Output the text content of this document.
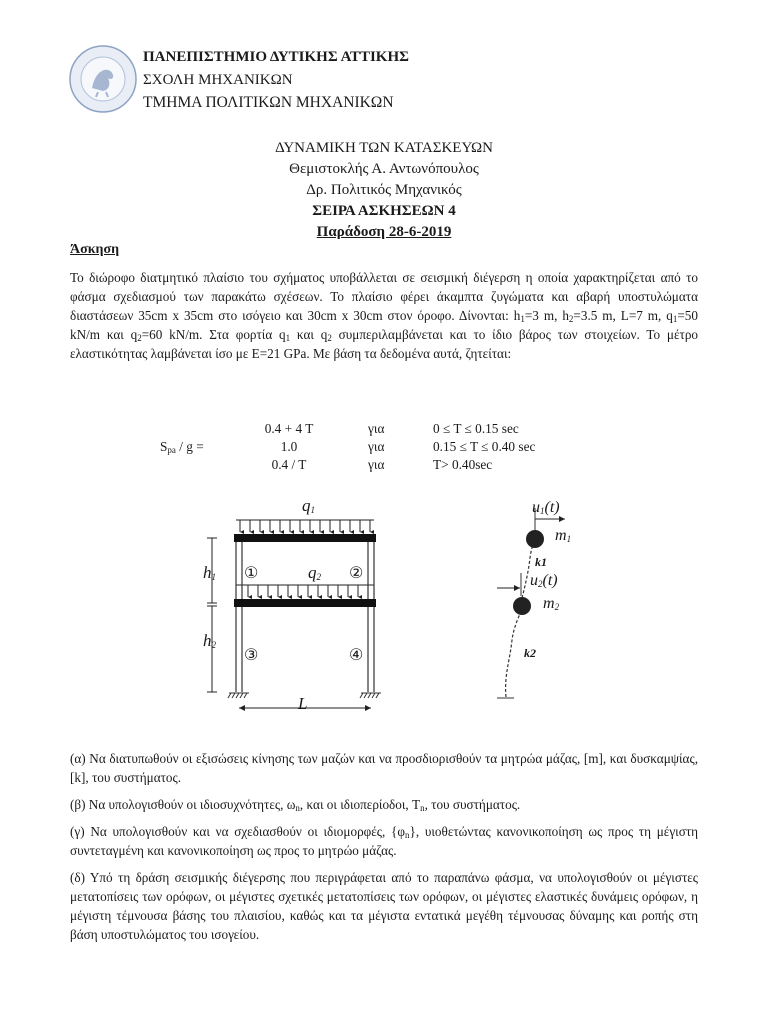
ΠΑΝΕΠΙΣΤΗΜΙΟ ΔΥΤΙΚΗΣ ΑΤΤΙΚΗΣ
ΣΧΟΛΗ ΜΗΧΑΝΙΚΩΝ
ΤΜΗΜΑ ΠΟΛΙΤΙΚΩΝ ΜΗΧΑΝΙΚΩΝ
ΔΥΝΑΜΙΚΗ ΤΩΝ ΚΑΤΑΣΚΕΥΩΝ
Θεμιστοκλής Α. Αντωνόπουλος
Δρ. Πολιτικός Μηχανικός
ΣΕΙΡΑ ΑΣΚΗΣΕΩΝ 4
Παράδοση 28-6-2019
Άσκηση
Το διώροφο διατμητικό πλαίσιο του σχήματος υποβάλλεται σε σεισμική διέγερση η οποία χαρακτηρίζεται από το φάσμα σχεδιασμού των παρακάτω σχέσεων. Το πλαίσιο φέρει άκαμπτα ζυγώματα και αβαρή υποστυλώματα διαστάσεων 35cm x 35cm στο ισόγειο και 30cm x 30cm στον όροφο. Δίνονται: $h_1=3$ m, $h_2=3.5$ m, L=7 m, $q_1=50$ kN/m και $q_2=60$ kN/m. Στα φορτία $q_1$ και $q_2$ συμπεριλαμβάνεται και το ίδιο βάρος των στοιχείων. Το μέτρο ελαστικότητας λαμβάνεται ίσο με E=21 GPa. Με βάση τα δεδομένα αυτά, ζητείται:
$S_{pa}$ / g =
0.4 + 4 T
1.0
0.4 / T
για
για
για
0 ≤ T ≤ 0.15 sec
0.15 ≤ T ≤ 0.40 sec
T> 0.40sec
$q_1$
$q_2$
$h_1$
$h_2$
L
①	②
③	④
$u_1(t)$
$u_2(t)$
$m_1$
$m_2$
k1
k2
(α) Να διατυπωθούν οι εξισώσεις κίνησης των μαζών και να προσδιορισθούν τα μητρώα μάζας, [m], και δυσκαμψίας, [k], του συστήματος.
(β) Να υπολογισθούν οι ιδιοσυχνότητες, $\omega_n$, και οι ιδιοπερίοδοι, $T_n$, του συστήματος.
(γ) Να υπολογισθούν και να σχεδιασθούν οι ιδιομορφές, $\{\varphi_n\}$, υιοθετώντας κανονικοποίηση ως προς τη μέγιστη συντεταγμένη και κανονικοποίηση ως προς το μητρώο μάζας.
(δ) Υπό τη δράση σεισμικής διέγερσης που περιγράφεται από το παραπάνω φάσμα, να υπολογισθούν οι μέγιστες μετατοπίσεις των ορόφων, οι μέγιστες σχετικές μετατοπίσεις των ορόφων, οι μέγιστες ελαστικές δυνάμεις ορόφων, η μέγιστη τέμνουσα βάσης του πλαισίου, καθώς και τα μέγιστα εντατικά μεγέθη τέμνουσας δύναμης και ροπής στη βάση υποστυλώματος του ισογείου.
